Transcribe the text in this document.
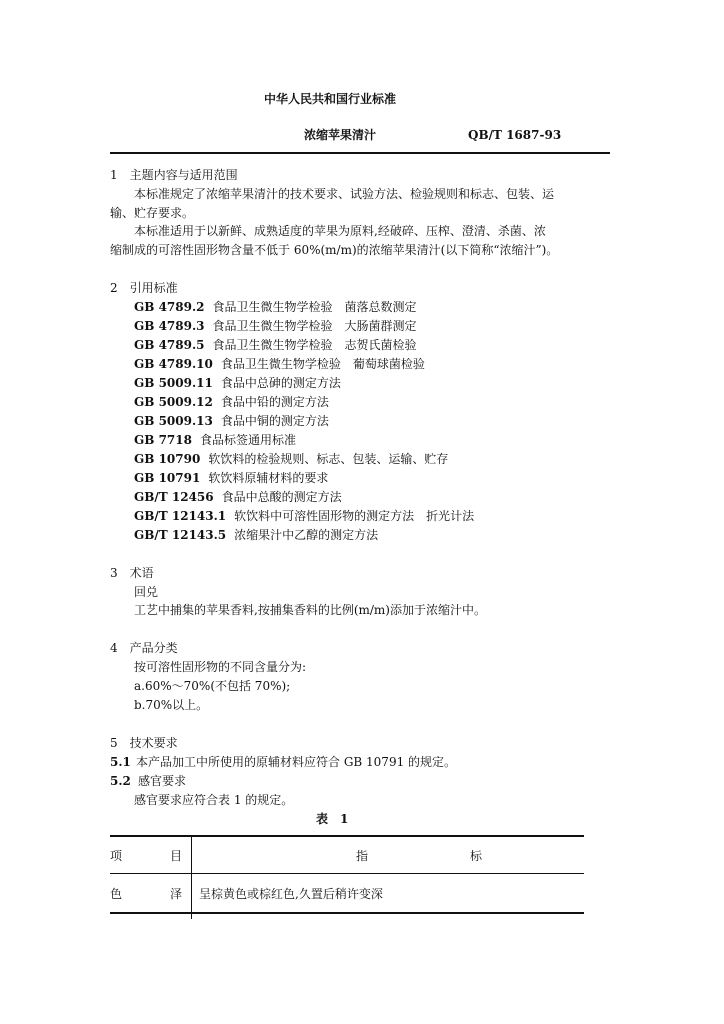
中华人民共和国行业标准
浓缩苹果清汁	QB/T 1687-93
1　主题内容与适用范围
本标准规定了浓缩苹果清汁的技术要求、试验方法、检验规则和标志、包装、运
输、贮存要求。
本标准适用于以新鲜、成熟适度的苹果为原料,经破碎、压榨、澄清、杀菌、浓
缩制成的可溶性固形物含量不低于 60%(m/m)的浓缩苹果清汁(以下简称“浓缩汁”)。
2　引用标准
GB 4789.2 食品卫生微生物学检验　菌落总数测定
GB 4789.3 食品卫生微生物学检验　大肠菌群测定
GB 4789.5 食品卫生微生物学检验　志贺氏菌检验
GB 4789.10 食品卫生微生物学检验　葡萄球菌检验
GB 5009.11 食品中总砷的测定方法
GB 5009.12 食品中铅的测定方法
GB 5009.13 食品中铜的测定方法
GB 7718 食品标签通用标准
GB 10790 软饮料的检验规则、标志、包装、运输、贮存
GB 10791 软饮料原辅材料的要求
GB/T 12456 食品中总酸的测定方法
GB/T 12143.1 软饮料中可溶性固形物的测定方法　折光计法
GB/T 12143.5 浓缩果汁中乙醇的测定方法
3　术语
回兑
工艺中捕集的苹果香料,按捕集香料的比例(m/m)添加于浓缩汁中。
4　产品分类
按可溶性固形物的不同含量分为:
a.60%～70%(不包括 70%);
b.70%以上。
5　技术要求
5.1 本产品加工中所使用的原辅材料应符合 GB 10791 的规定。
5.2 感官要求
感官要求应符合表 1 的规定。
表　1
项	目	指	标
色	泽 呈棕黄色或棕红色,久置后稍许变深
